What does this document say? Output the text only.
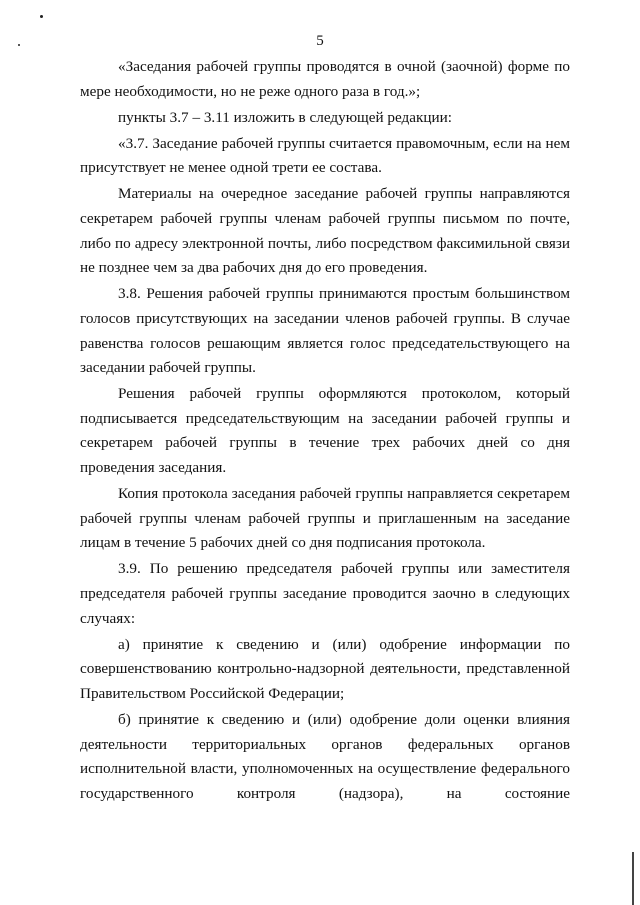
5

«Заседания рабочей группы проводятся в очной (заочной) форме по мере необходимости, но не реже одного раза в год.»;

пункты 3.7 – 3.11 изложить в следующей редакции:

«3.7. Заседание рабочей группы считается правомочным, если на нем присутствует не менее одной трети ее состава.

Материалы на очередное заседание рабочей группы направляются секретарем рабочей группы членам рабочей группы письмом по почте, либо по адресу электронной почты, либо посредством факсимильной связи не позднее чем за два рабочих дня до его проведения.

3.8. Решения рабочей группы принимаются простым большинством голосов присутствующих на заседании членов рабочей группы. В случае равенства голосов решающим является голос председательствующего на заседании рабочей группы.

Решения рабочей группы оформляются протоколом, который подписывается председательствующим на заседании рабочей группы и секретарем рабочей группы в течение трех рабочих дней со дня проведения заседания.

Копия протокола заседания рабочей группы направляется секретарем рабочей группы членам рабочей группы и приглашенным на заседание лицам в течение 5 рабочих дней со дня подписания протокола.

3.9. По решению председателя рабочей группы или заместителя председателя рабочей группы заседание проводится заочно в следующих случаях:

а) принятие к сведению и (или) одобрение информации по совершенствованию контрольно-надзорной деятельности, представленной Правительством Российской Федерации;

б) принятие к сведению и (или) одобрение доли оценки влияния деятельности территориальных органов федеральных органов исполнительной власти, уполномоченных на осуществление федерального государственного контроля (надзора), на состояние
